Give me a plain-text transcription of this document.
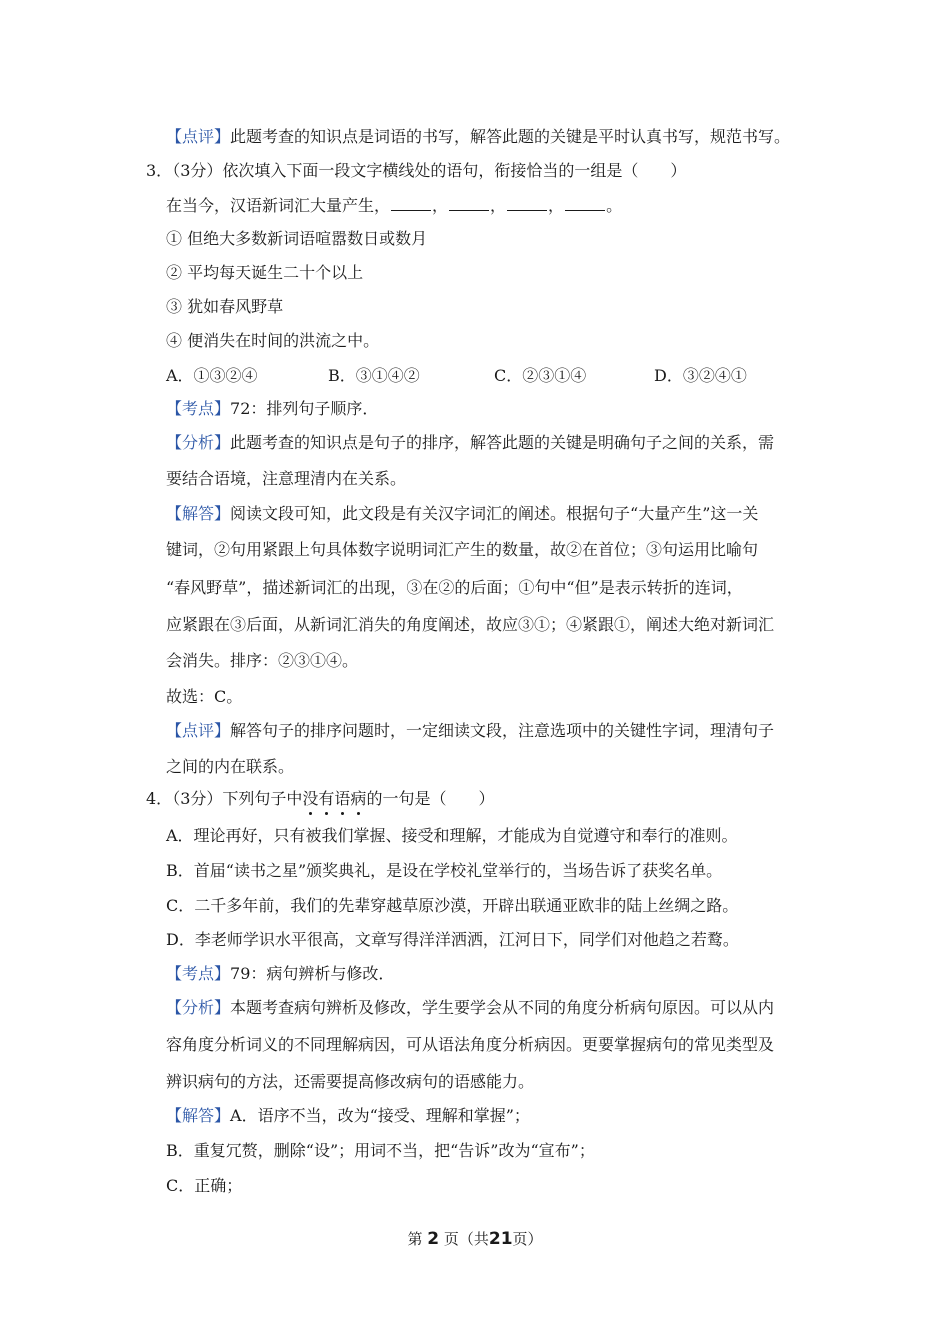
【点评】此题考查的知识点是词语的书写，解答此题的关键是平时认真书写，规范书写。
3．（3分）依次填入下面一段文字横线处的语句，衔接恰当的一组是（　　）
在当今，汉语新词汇大量产生，	，	，	，	。
① 但绝大多数新词语喧嚣数日或数月
② 平均每天诞生二十个以上
③ 犹如春风野草
④ 便消失在时间的洪流之中。
A．①③②④	B．③①④②	C．②③①④	D．③②④①
【考点】72：排列句子顺序．
【分析】此题考查的知识点是句子的排序，解答此题的关键是明确句子之间的关系，需
要结合语境，注意理清内在关系。
【解答】阅读文段可知，此文段是有关汉字词汇的阐述。根据句子“大量产生”这一关
键词，②句用紧跟上句具体数字说明词汇产生的数量，故②在首位；③句运用比喻句
“春风野草”，描述新词汇的出现，③在②的后面；①句中“但”是表示转折的连词，
应紧跟在③后面，从新词汇消失的角度阐述，故应③①；④紧跟①，阐述大绝对新词汇
会消失。排序：②③①④。
故选：C。
【点评】解答句子的排序问题时，一定细读文段，注意选项中的关键性字词，理清句子
之间的内在联系。
4．（3分）下列句子中没有语病的一句是（　　）
A．理论再好，只有被我们掌握、接受和理解，才能成为自觉遵守和奉行的准则。
B．首届“读书之星”颁奖典礼，是设在学校礼堂举行的，当场告诉了获奖名单。
C．二千多年前，我们的先辈穿越草原沙漠，开辟出联通亚欧非的陆上丝绸之路。
D．李老师学识水平很高，文章写得洋洋洒洒，江河日下，同学们对他趋之若鹜。
【考点】79：病句辨析与修改．
【分析】本题考查病句辨析及修改，学生要学会从不同的角度分析病句原因。可以从内
容角度分析词义的不同理解病因，可从语法角度分析病因。更要掌握病句的常见类型及
辨识病句的方法，还需要提高修改病句的语感能力。
【解答】A．语序不当，改为“接受、理解和掌握”；
B．重复冗赘，删除“设”；用词不当，把“告诉”改为“宣布”；
C．正确；
第 2 页（共21页）
